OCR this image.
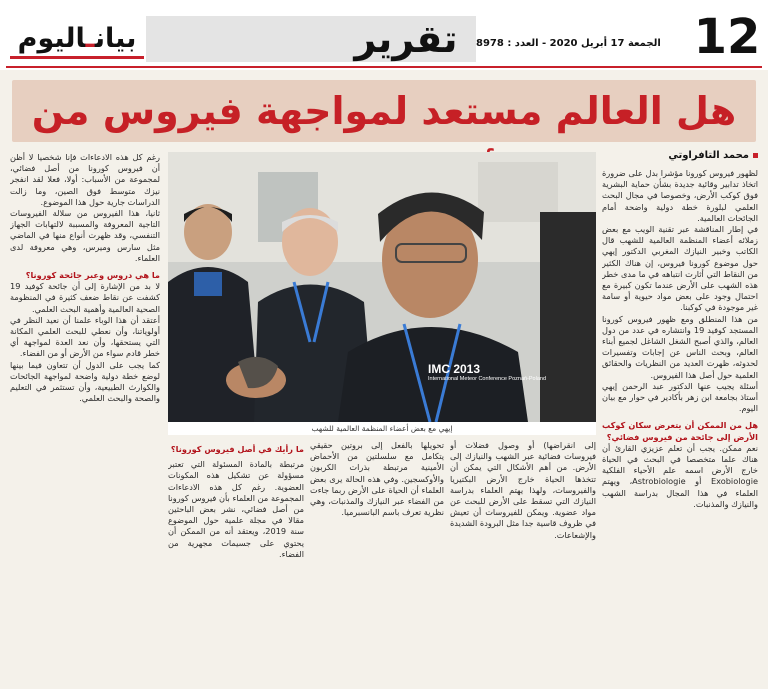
بيانـاليوم	تقرير	الجمعة 17 أبريل 2020 - العدد : 8978 12
هل العالم مستعد لمواجهة فيروس من
محمد التافراوتي

لظهور فيروس كورونا مؤشرا بدل على ضرورة اتخاذ تدابير وقائية جديدة بشأن حماية البشرية فوق كوكب الأرض، وخصوصا في مجال البحث العلمي لبلورة خطة دولية واضحة أمام الجائحات العالمية.

في إطار المناقشة عبر تقنية الويب مع بعض زملائه أعضاء المنظمة العالمية للشهب قال الكاتب وخبير النيازك المغربي الدكتور إيهي حول موضوع كورونا فيروس، إن هناك الكثير من النقاط التي أثارت انتباهه في ما مدى خطر هذه الشهب على الأرض عندما تكون كبيرة مع احتمال وجود على بعض مواد حيوية أو سامة غير موجودة في كوكبنا.

من هذا المنطلق ومع ظهور فيروس كورونا المستجد كوفيد 19 وانتشاره في عدد من دول العالم، والذي أصبح الشغل الشاغل لجميع أبناء العالم، وبحث الناس عن إجابات وتفسيرات لحدوثه، ظهرت العديد من النظريات والحقائق العلمية حول أصل هذا الفيروس.

أسئلة يجيب عنها الدكتور عبد الرحمن إيهي أستاذ بجامعة ابن زهر بأكادير في حوار مع بيان اليوم.

هل من الممكن أن يتعرض سكان كوكب الأرض إلى جائحة من فيروس فضائي؟

نعم ممكن. يجب أن تعلم عزيزي القارئ أن هناك علما متخصصا في البحث في الحياة خارج الأرض اسمه علم الأحياء الفلكية Exobiologie أو Astrobiologie، ويهتم العلماء في هذا المجال بدراسة الشهب والنيازك والمذنبات.

رغم كل هذه الادعاءات فإنا شخصيا لا أظن أن فيروس كورونا من أصل فضائي، لمجموعة من الأسباب: أولا، فعلا لقد انفجر نيزك متوسط فوق الصين، وما زالت الدراسات جارية حول هذا الموضوع.

ثانيا، هذا الفيروس من سلالة الفيروسات التاجية المعروفة والمسببة لالتهابات الجهاز التنفسي، وقد ظهرت أنواع منها في الماضي مثل سارس وميرس، وهي معروفة لدى العلماء.

ما هي دروس وعبر جائحة كورونا؟

لا بد من الإشارة إلى أن جائحة كوفيد 19 كشفت عن نقاط ضعف كثيرة في المنظومة الصحية العالمية وأهمية البحث العلمي.

أعتقد أن هذا الوباء علمنا أن نعيد النظر في أولوياتنا، وأن نعطي للبحث العلمي المكانة التي يستحقها، وأن نعد العدة لمواجهة أي خطر قادم سواء من الأرض أو من الفضاء.

كما يجب على الدول أن تتعاون فيما بينها لوضع خطة دولية واضحة لمواجهة الجائحات والكوارث الطبيعية، وأن تستثمر في التعليم والصحة والبحث العلمي.

IMC 2013
International Meteor Conference Poznań-Poland
إيهي مع بعض أعضاء المنظمة العالمية للشهب

إلى انقراضها) أو وصول فضلات أو فيروسات فضائية عبر الشهب والنيازك إلى الأرض. من أهم الأشكال التي يمكن أن تتخذها الحياة خارج الأرض البكتيريا والفيروسات، ولهذا يهتم العلماء بدراسة النيازك التي تسقط على الأرض للبحث عن مواد عضوية. ويمكن للفيروسات أن تعيش في ظروف قاسية جدا مثل البرودة الشديدة والإشعاعات.

تحويلها بالفعل إلى بروتين حقيقي يتكامل مع سلسلتين من الأحماض الأمينية مرتبطة بذرات الكربون والأوكسجين. وفي هذه الحالة يرى بعض العلماء أن الحياة على الأرض ربما جاءت من الفضاء عبر النيازك والمذنبات، وهي نظرية تعرف باسم البانسبرميا.

ما رأيك في أصل فيروس كورونا؟

مرتبطة بالمادة المسئولة التي تعتبر مسؤولة عن تشكيل هذه المكونات العضوية. رغم كل هذه الادعاءات المجموعة من العلماء بأن فيروس كورونا من أصل فضائي، نشر بعض الباحثين مقالا في مجلة علمية حول الموضوع سنة 2019، ويعتقد أنه من الممكن أن يحتوي على جسيمات مجهرية من الفضاء.
